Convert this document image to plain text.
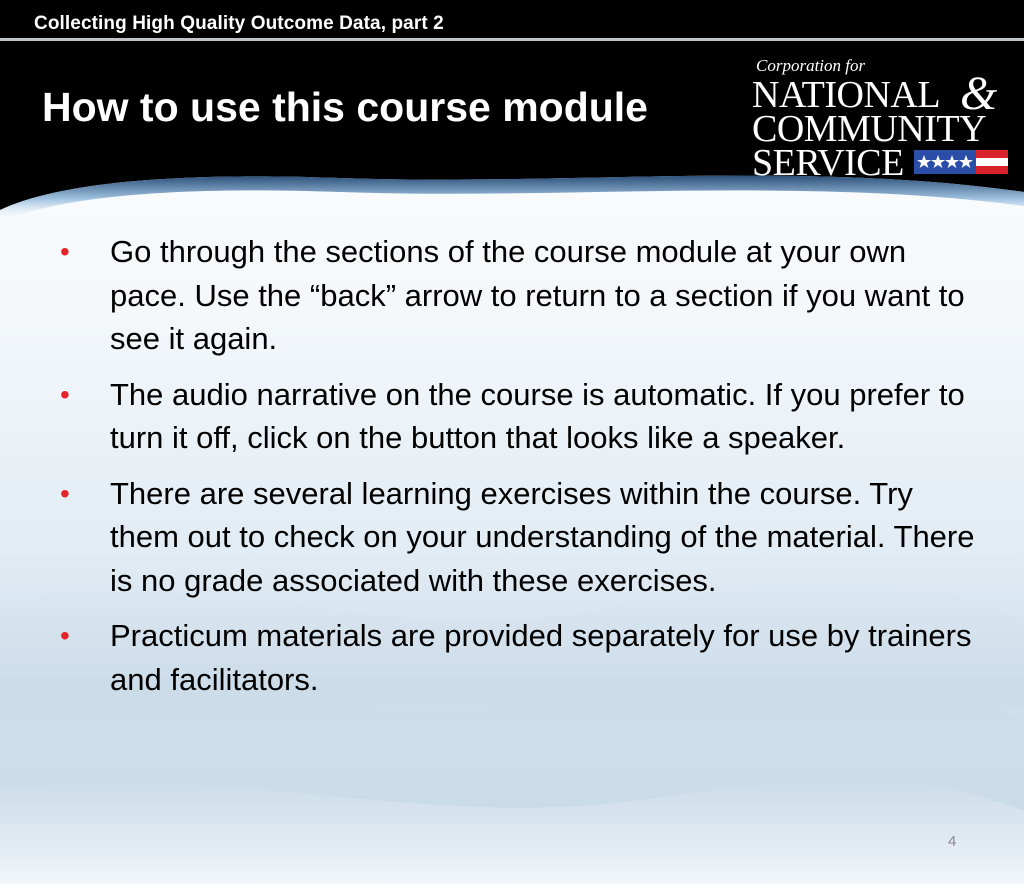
Collecting High Quality Outcome Data, part 2
How to use this course module
Corporation for
NATIONAL &
COMMUNITY
SERVICE
• Go through the sections of the course module at your own pace. Use the “back” arrow to return to a section if you want to see it again.
• The audio narrative on the course is automatic. If you prefer to turn it off, click on the button that looks like a speaker.
• There are several learning exercises within the course. Try them out to check on your understanding of the material. There is no grade associated with these exercises.
• Practicum materials are provided separately for use by trainers and facilitators.
4
